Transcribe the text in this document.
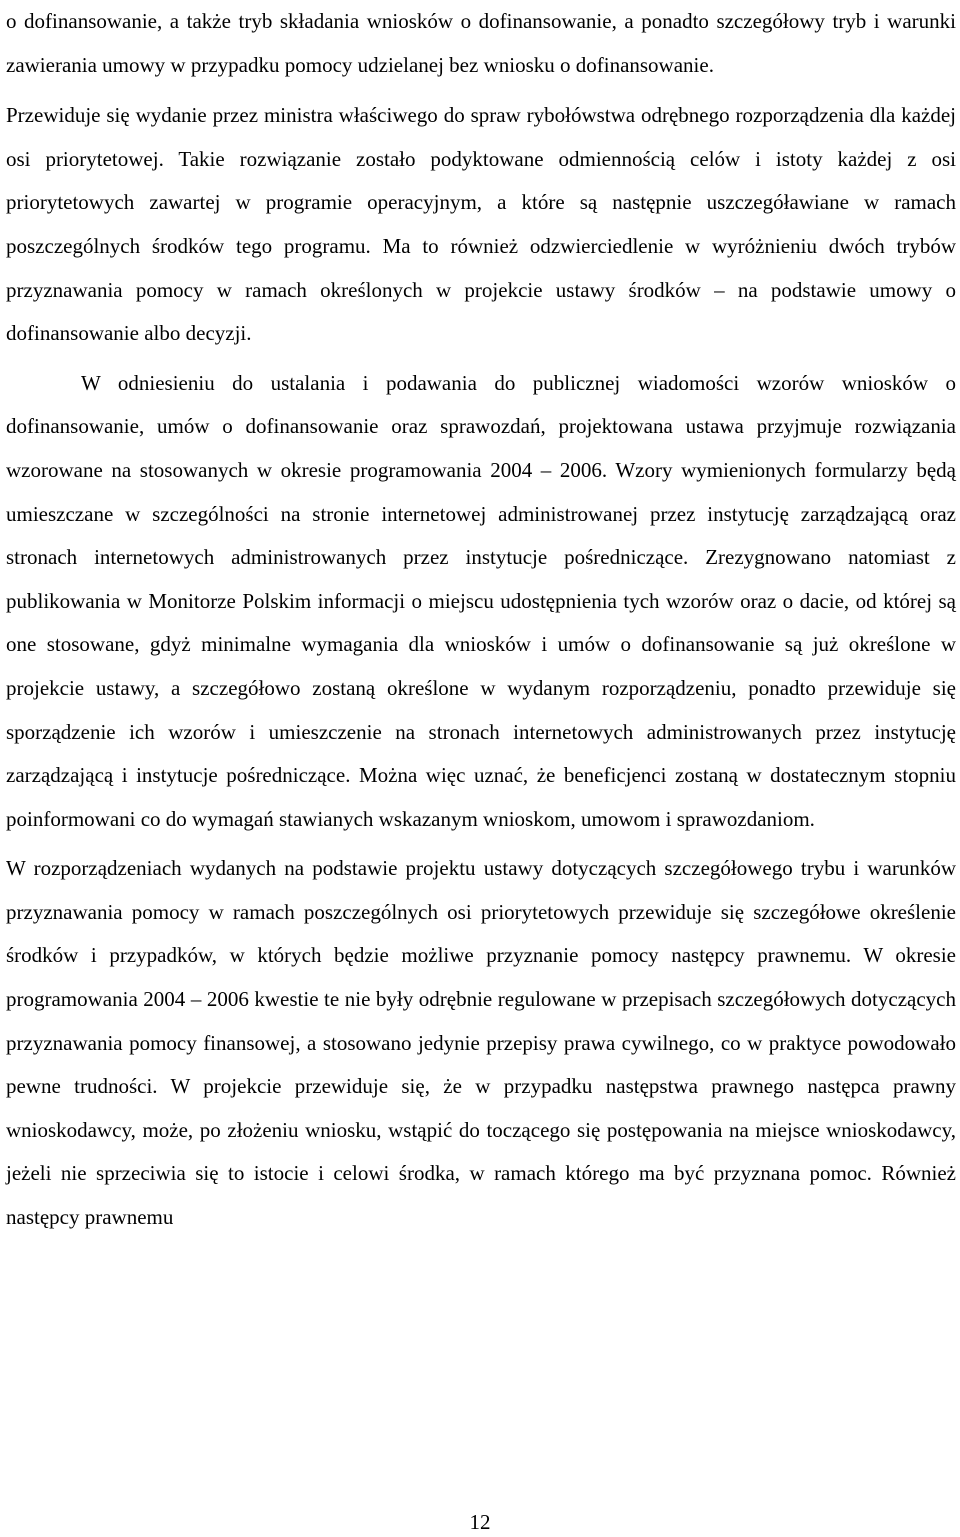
o dofinansowanie, a także tryb składania wniosków o dofinansowanie, a ponadto szczegółowy tryb i warunki zawierania umowy w przypadku pomocy udzielanej bez wniosku o dofinansowanie.

Przewiduje się wydanie przez ministra właściwego do spraw rybołówstwa odrębnego rozporządzenia dla każdej osi priorytetowej. Takie rozwiązanie zostało podyktowane odmiennością celów i istoty każdej z osi priorytetowych zawartej w programie operacyjnym, a które są następnie uszczegóławiane w ramach poszczególnych środków tego programu. Ma to również odzwierciedlenie w wyróżnieniu dwóch trybów przyznawania pomocy w ramach określonych w projekcie ustawy środków – na podstawie umowy o dofinansowanie albo decyzji.

W odniesieniu do ustalania i podawania do publicznej wiadomości wzorów wniosków o dofinansowanie, umów o dofinansowanie oraz sprawozdań, projektowana ustawa przyjmuje rozwiązania wzorowane na stosowanych w okresie programowania 2004 – 2006. Wzory wymienionych formularzy będą umieszczane w szczególności na stronie internetowej administrowanej przez instytucję zarządzającą oraz stronach internetowych administrowanych przez instytucje pośredniczące. Zrezygnowano natomiast z publikowania w Monitorze Polskim informacji o miejscu udostępnienia tych wzorów oraz o dacie, od której są one stosowane, gdyż minimalne wymagania dla wniosków i umów o dofinansowanie są już określone w projekcie ustawy, a szczegółowo zostaną określone w wydanym rozporządzeniu, ponadto przewiduje się sporządzenie ich wzorów i umieszczenie na stronach internetowych administrowanych przez instytucję zarządzającą i instytucje pośredniczące. Można więc uznać, że beneficjenci zostaną w dostatecznym stopniu poinformowani co do wymagań stawianych wskazanym wnioskom, umowom i sprawozdaniom.

W rozporządzeniach wydanych na podstawie projektu ustawy dotyczących szczegółowego trybu i warunków przyznawania pomocy w ramach poszczególnych osi priorytetowych przewiduje się szczegółowe określenie środków i przypadków, w których będzie możliwe przyznanie pomocy następcy prawnemu. W okresie programowania 2004 – 2006 kwestie te nie były odrębnie regulowane w przepisach szczegółowych dotyczących przyznawania pomocy finansowej, a stosowano jedynie przepisy prawa cywilnego, co w praktyce powodowało pewne trudności. W projekcie przewiduje się, że w przypadku następstwa prawnego następca prawny wnioskodawcy, może, po złożeniu wniosku, wstąpić do toczącego się postępowania na miejsce wnioskodawcy, jeżeli nie sprzeciwia się to istocie i celowi środka, w ramach którego ma być przyznana pomoc. Również następcy prawnemu

12
